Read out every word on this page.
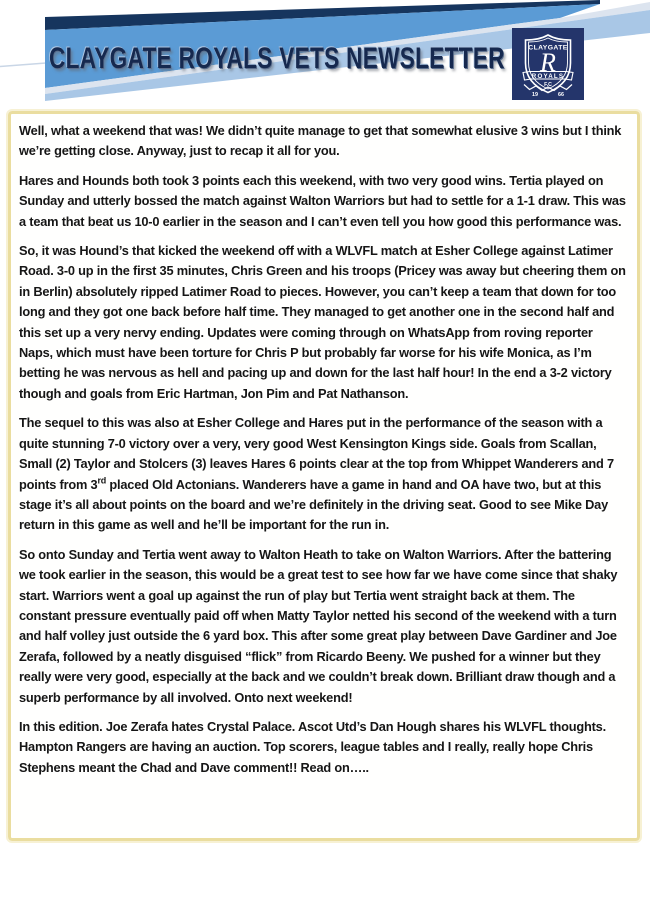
CLAYGATE ROYALS VETS NEWSLETTER	CLAYGATE
R
ROYALS
F.C
19	66

Well, what a weekend that was! We didn’t quite manage to get that somewhat elusive 3 wins but I think we’re getting close. Anyway, just to recap it all for you.

Hares and Hounds both took 3 points each this weekend, with two very good wins. Tertia played on Sunday and utterly bossed the match against Walton Warriors but had to settle for a 1-1 draw. This was a team that beat us 10-0 earlier in the season and I can’t even tell you how good this performance was.

So, it was Hound’s that kicked the weekend off with a WLVFL match at Esher College against Latimer Road. 3-0 up in the first 35 minutes, Chris Green and his troops (Pricey was away but cheering them on in Berlin) absolutely ripped Latimer Road to pieces. However, you can’t keep a team that down for too long and they got one back before half time. They managed to get another one in the second half and this set up a very nervy ending. Updates were coming through on WhatsApp from roving reporter Naps, which must have been torture for Chris P but probably far worse for his wife Monica, as I’m betting he was nervous as hell and pacing up and down for the last half hour! In the end a 3-2 victory though and goals from Eric Hartman, Jon Pim and Pat Nathanson.

The sequel to this was also at Esher College and Hares put in the performance of the season with a quite stunning 7-0 victory over a very, very good West Kensington Kings side. Goals from Scallan, Small (2) Taylor and Stolcers (3) leaves Hares 6 points clear at the top from Whippet Wanderers and 7 points from 3rd placed Old Actonians. Wanderers have a game in hand and OA have two, but at this stage it’s all about points on the board and we’re definitely in the driving seat. Good to see Mike Day return in this game as well and he’ll be important for the run in.

So onto Sunday and Tertia went away to Walton Heath to take on Walton Warriors. After the battering we took earlier in the season, this would be a great test to see how far we have come since that shaky start. Warriors went a goal up against the run of play but Tertia went straight back at them. The constant pressure eventually paid off when Matty Taylor netted his second of the weekend with a turn and half volley just outside the 6 yard box. This after some great play between Dave Gardiner and Joe Zerafa, followed by a neatly disguised “flick” from Ricardo Beeny. We pushed for a winner but they really were very good, especially at the back and we couldn’t break down. Brilliant draw though and a superb performance by all involved. Onto next weekend!

In this edition. Joe Zerafa hates Crystal Palace. Ascot Utd’s Dan Hough shares his WLVFL thoughts. Hampton Rangers are having an auction. Top scorers, league tables and I really, really hope Chris Stephens meant the Chad and Dave comment!! Read on…..
